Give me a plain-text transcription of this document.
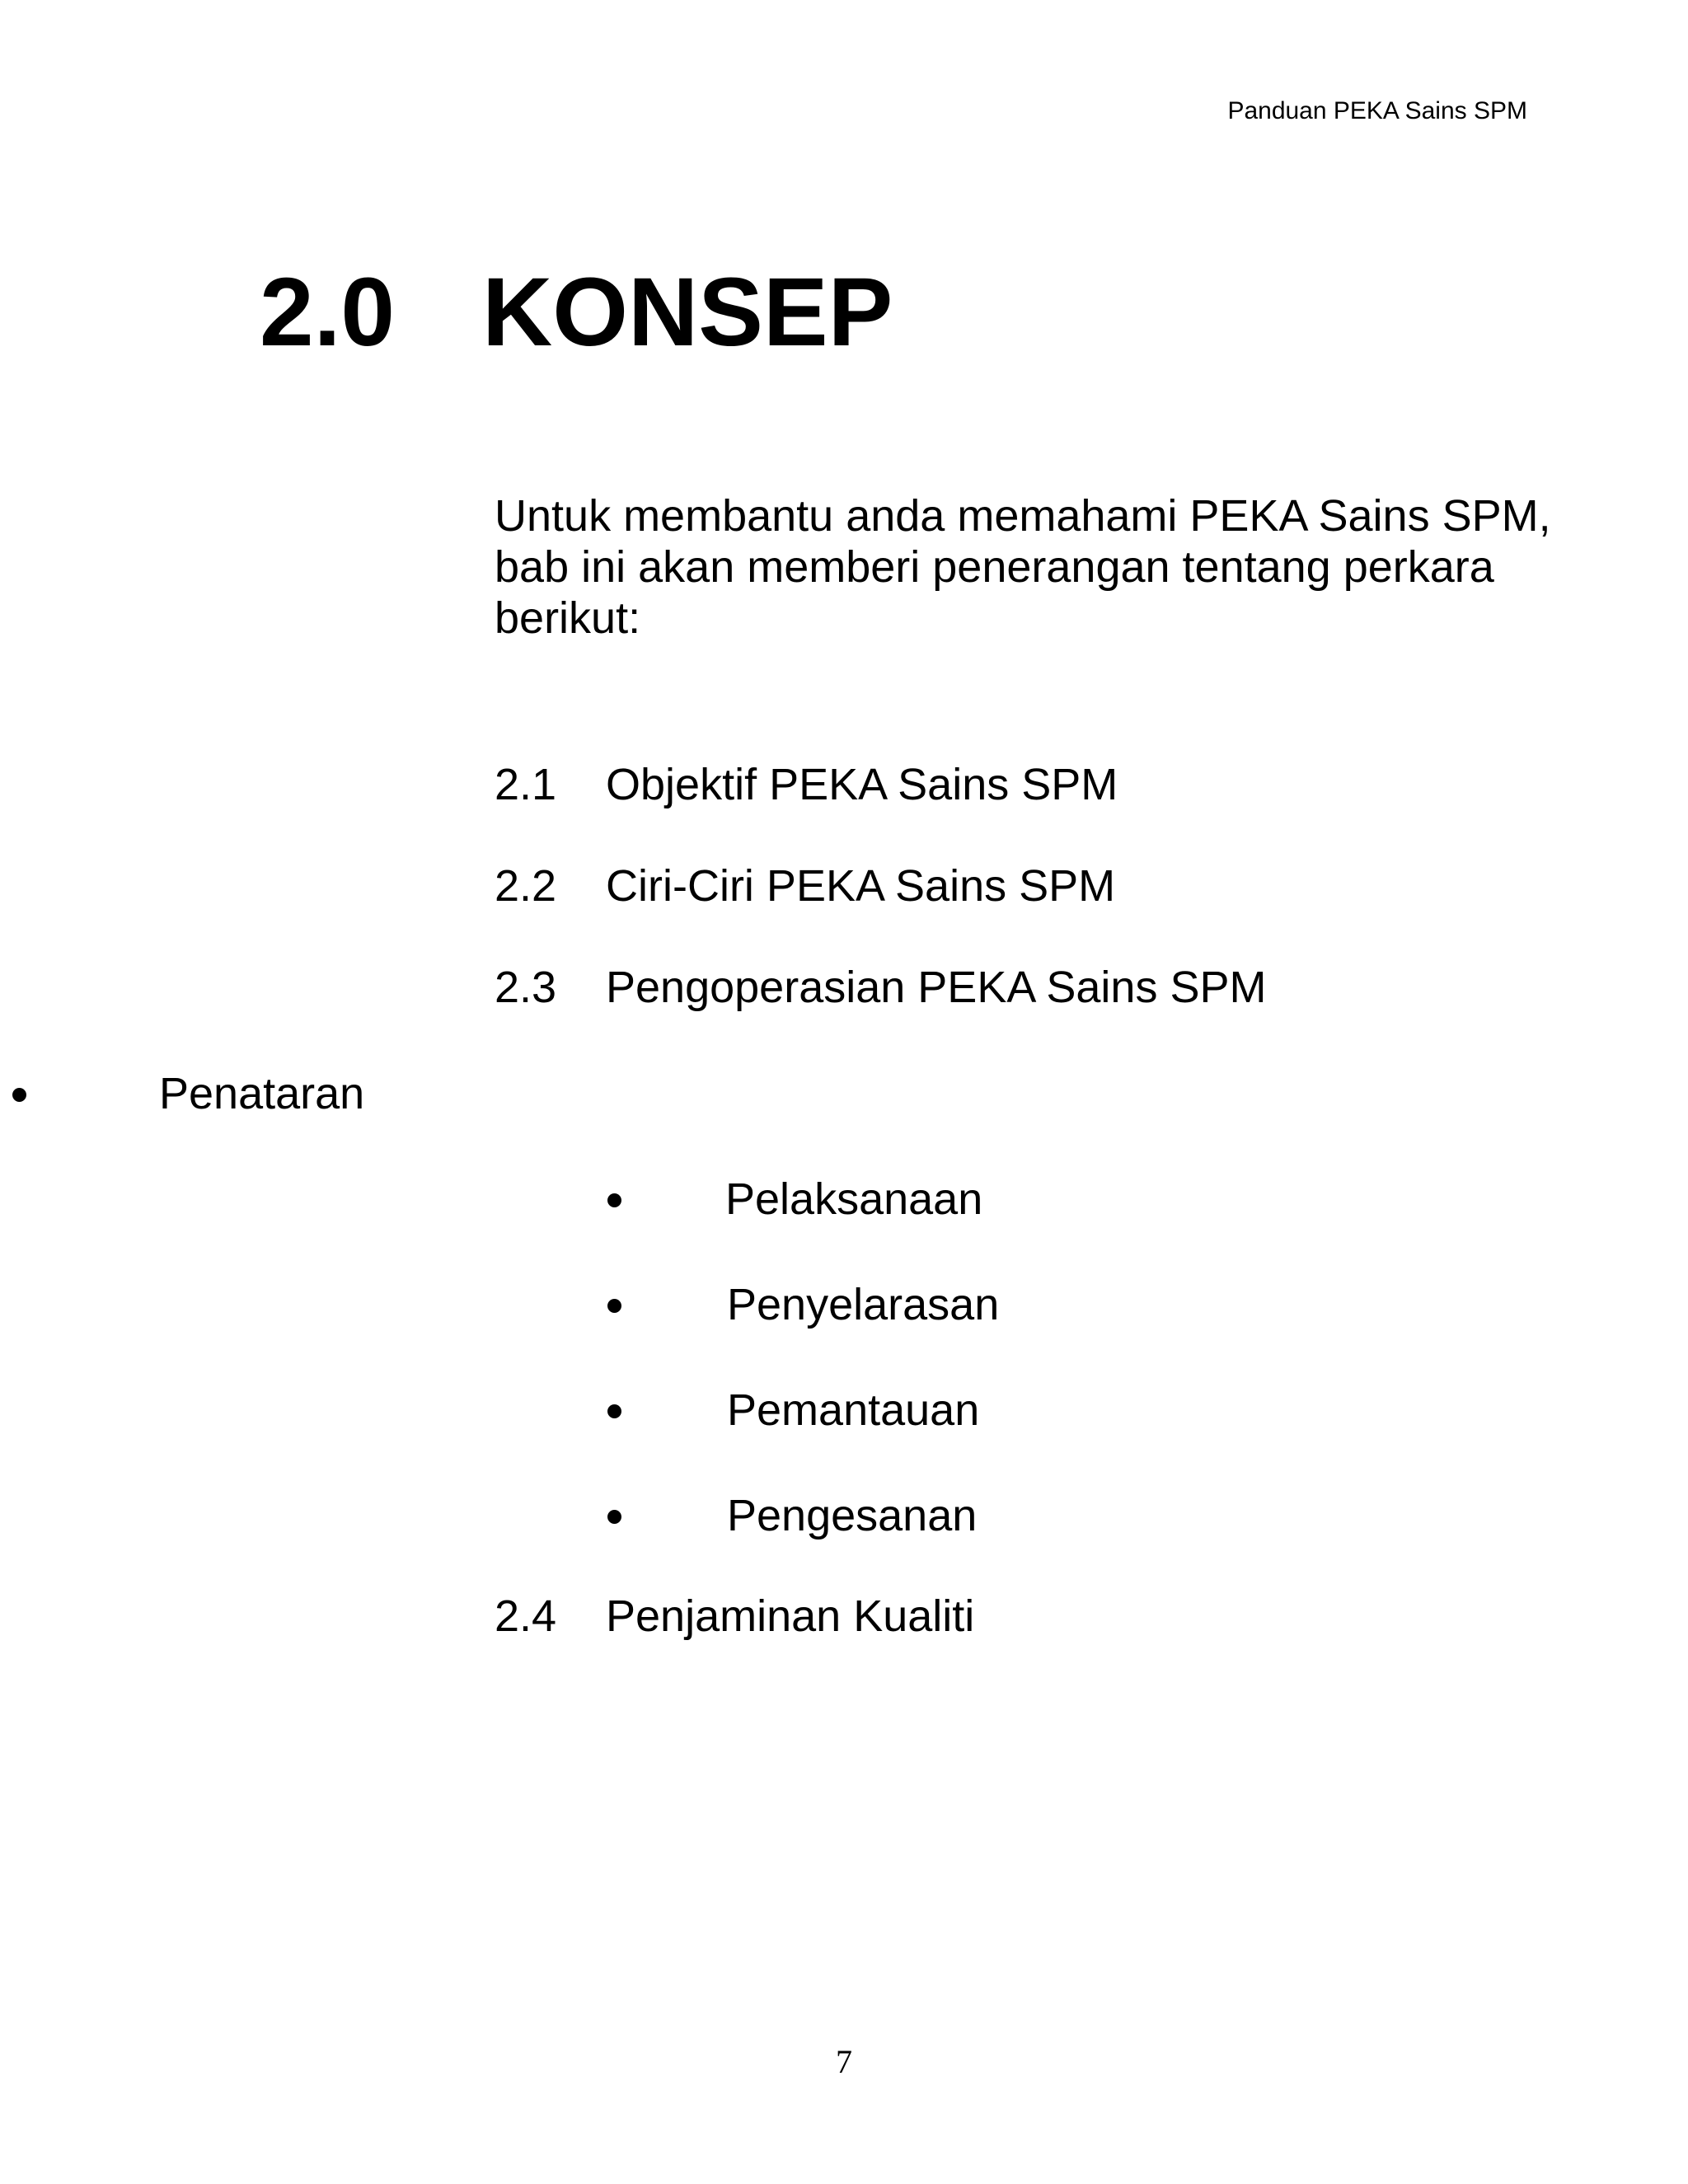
Panduan PEKA Sains SPM
2.0 KONSEP
Untuk membantu anda memahami PEKA Sains SPM, bab ini akan memberi penerangan tentang perkara berikut:
2.1 Objektif PEKA Sains SPM
2.2 Ciri-Ciri PEKA Sains SPM
2.3 Pengoperasian PEKA Sains SPM
Penataran
Pelaksanaan
Penyelarasan
Pemantauan
Pengesanan
2.4 Penjaminan Kualiti
7
